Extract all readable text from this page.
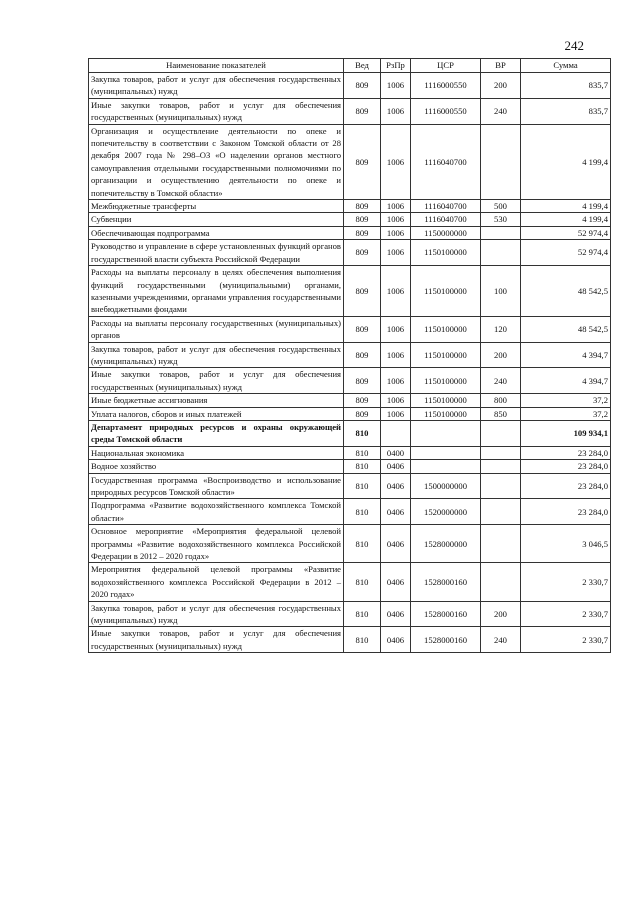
242
Наименование показателей	Вед	РзПр	ЦСР	ВР	Сумма
Закупка товаров, работ и услуг для обеспечения государственных (муниципальных) нужд	809	1006	1116000550	200	835,7
Иные закупки товаров, работ и услуг для обеспечения государственных (муниципальных) нужд	809	1006	1116000550	240	835,7
Организация и осуществление деятельности по опеке и попечительству в соответствии с Законом Томской области от 28 декабря 2007 года № 298–ОЗ «О наделении органов местного самоуправления отдельными государственными полномочиями по организации и осуществлению деятельности по опеке и попечительству в Томской области»	809	1006	1116040700		4 199,4
Межбюджетные трансферты	809	1006	1116040700	500	4 199,4
Субвенции	809	1006	1116040700	530	4 199,4
Обеспечивающая подпрограмма	809	1006	1150000000		52 974,4
Руководство и управление в сфере установленных функций органов государственной власти субъекта Российской Федерации	809	1006	1150100000		52 974,4
Расходы на выплаты персоналу в целях обеспечения выполнения функций государственными (муниципальными) органами, казенными учреждениями, органами управления государственными внебюджетными фондами	809	1006	1150100000	100	48 542,5
Расходы на выплаты персоналу государственных (муниципальных) органов	809	1006	1150100000	120	48 542,5
Закупка товаров, работ и услуг для обеспечения государственных (муниципальных) нужд	809	1006	1150100000	200	4 394,7
Иные закупки товаров, работ и услуг для обеспечения государственных (муниципальных) нужд	809	1006	1150100000	240	4 394,7
Иные бюджетные ассигнования	809	1006	1150100000	800	37,2
Уплата налогов, сборов и иных платежей	809	1006	1150100000	850	37,2
Департамент природных ресурсов и охраны окружающей среды Томской области	810				109 934,1
Национальная экономика	810	0400			23 284,0
Водное хозяйство	810	0406			23 284,0
Государственная программа «Воспроизводство и использование природных ресурсов Томской области»	810	0406	1500000000		23 284,0
Подпрограмма «Развитие водохозяйственного комплекса Томской области»	810	0406	1520000000		23 284,0
Основное мероприятие «Мероприятия федеральной целевой программы «Развитие водохозяйственного комплекса Российской Федерации в 2012 – 2020 годах»	810	0406	1528000000		3 046,5
Мероприятия федеральной целевой программы «Развитие водохозяйственного комплекса Российской Федерации в 2012 – 2020 годах»	810	0406	1528000160		2 330,7
Закупка товаров, работ и услуг для обеспечения государственных (муниципальных) нужд	810	0406	1528000160	200	2 330,7
Иные закупки товаров, работ и услуг для обеспечения государственных (муниципальных) нужд	810	0406	1528000160	240	2 330,7
